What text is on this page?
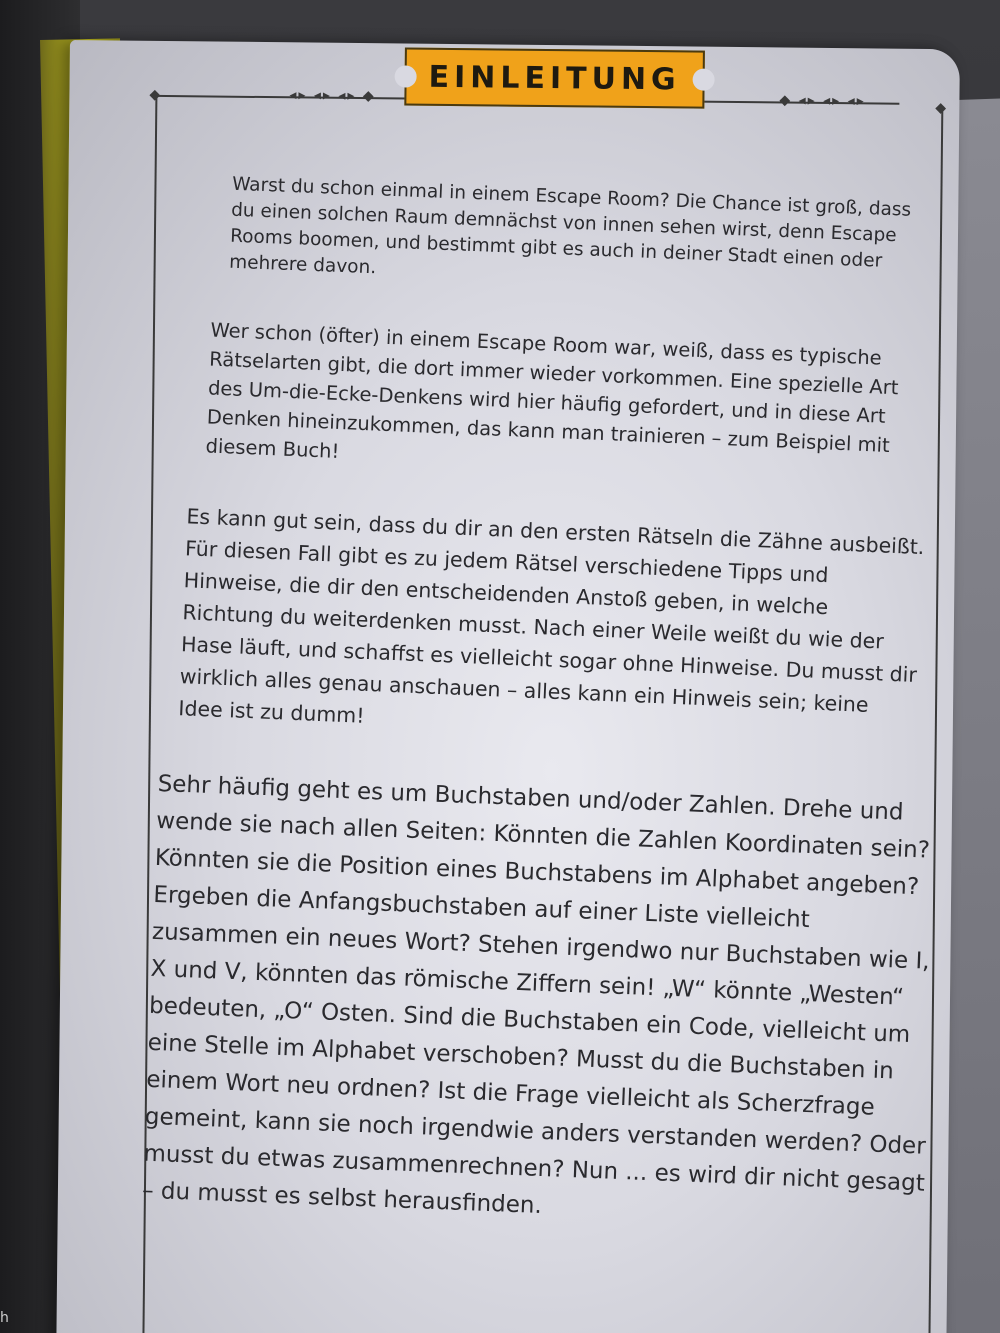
◆
◆
◂▸ ◂▸ ◂▸ ◆	◆ ◂▸ ◂▸ ◂▸
EINLEITUNG

Warst du schon einmal in einem Escape Room? Die Chance ist groß, dass du einen solchen Raum demnächst von innen sehen wirst, denn Escape Rooms boomen, und bestimmt gibt es auch in deiner Stadt einen oder mehrere davon.

Wer schon (öfter) in einem Escape Room war, weiß, dass es typische Rätselarten gibt, die dort immer wieder vorkommen. Eine spezielle Art des Um-die-Ecke-Denkens wird hier häufig gefordert, und in diese Art Denken hineinzukommen, das kann man trainieren – zum Beispiel mit diesem Buch!

Es kann gut sein, dass du dir an den ersten Rätseln die Zähne ausbeißt. Für diesen Fall gibt es zu jedem Rätsel verschiedene Tipps und Hinweise, die dir den entscheidenden Anstoß geben, in welche Richtung du weiterdenken musst. Nach einer Weile weißt du wie der Hase läuft, und schaffst es vielleicht sogar ohne Hinweise. Du musst dir wirklich alles genau anschauen – alles kann ein Hinweis sein; keine Idee ist zu dumm!

Sehr häufig geht es um Buchstaben und/oder Zahlen. Drehe und wende sie nach allen Seiten: Könnten die Zahlen Koordinaten sein? Könnten sie die Position eines Buchstabens im Alphabet angeben? Ergeben die Anfangsbuchstaben auf einer Liste vielleicht zusammen ein neues Wort? Stehen irgendwo nur Buchstaben wie I, X und V, könnten das römische Ziffern sein! „W“ könnte „Westen“ bedeuten, „O“ Osten. Sind die Buchstaben ein Code, vielleicht um eine Stelle im Alphabet verschoben? Musst du die Buchstaben in einem Wort neu ordnen? Ist die Frage vielleicht als Scherzfrage gemeint, kann sie noch irgendwie anders verstanden werden? Oder musst du etwas zusammenrechnen? Nun ... es wird dir nicht gesagt – du musst es selbst herausfinden.

h
